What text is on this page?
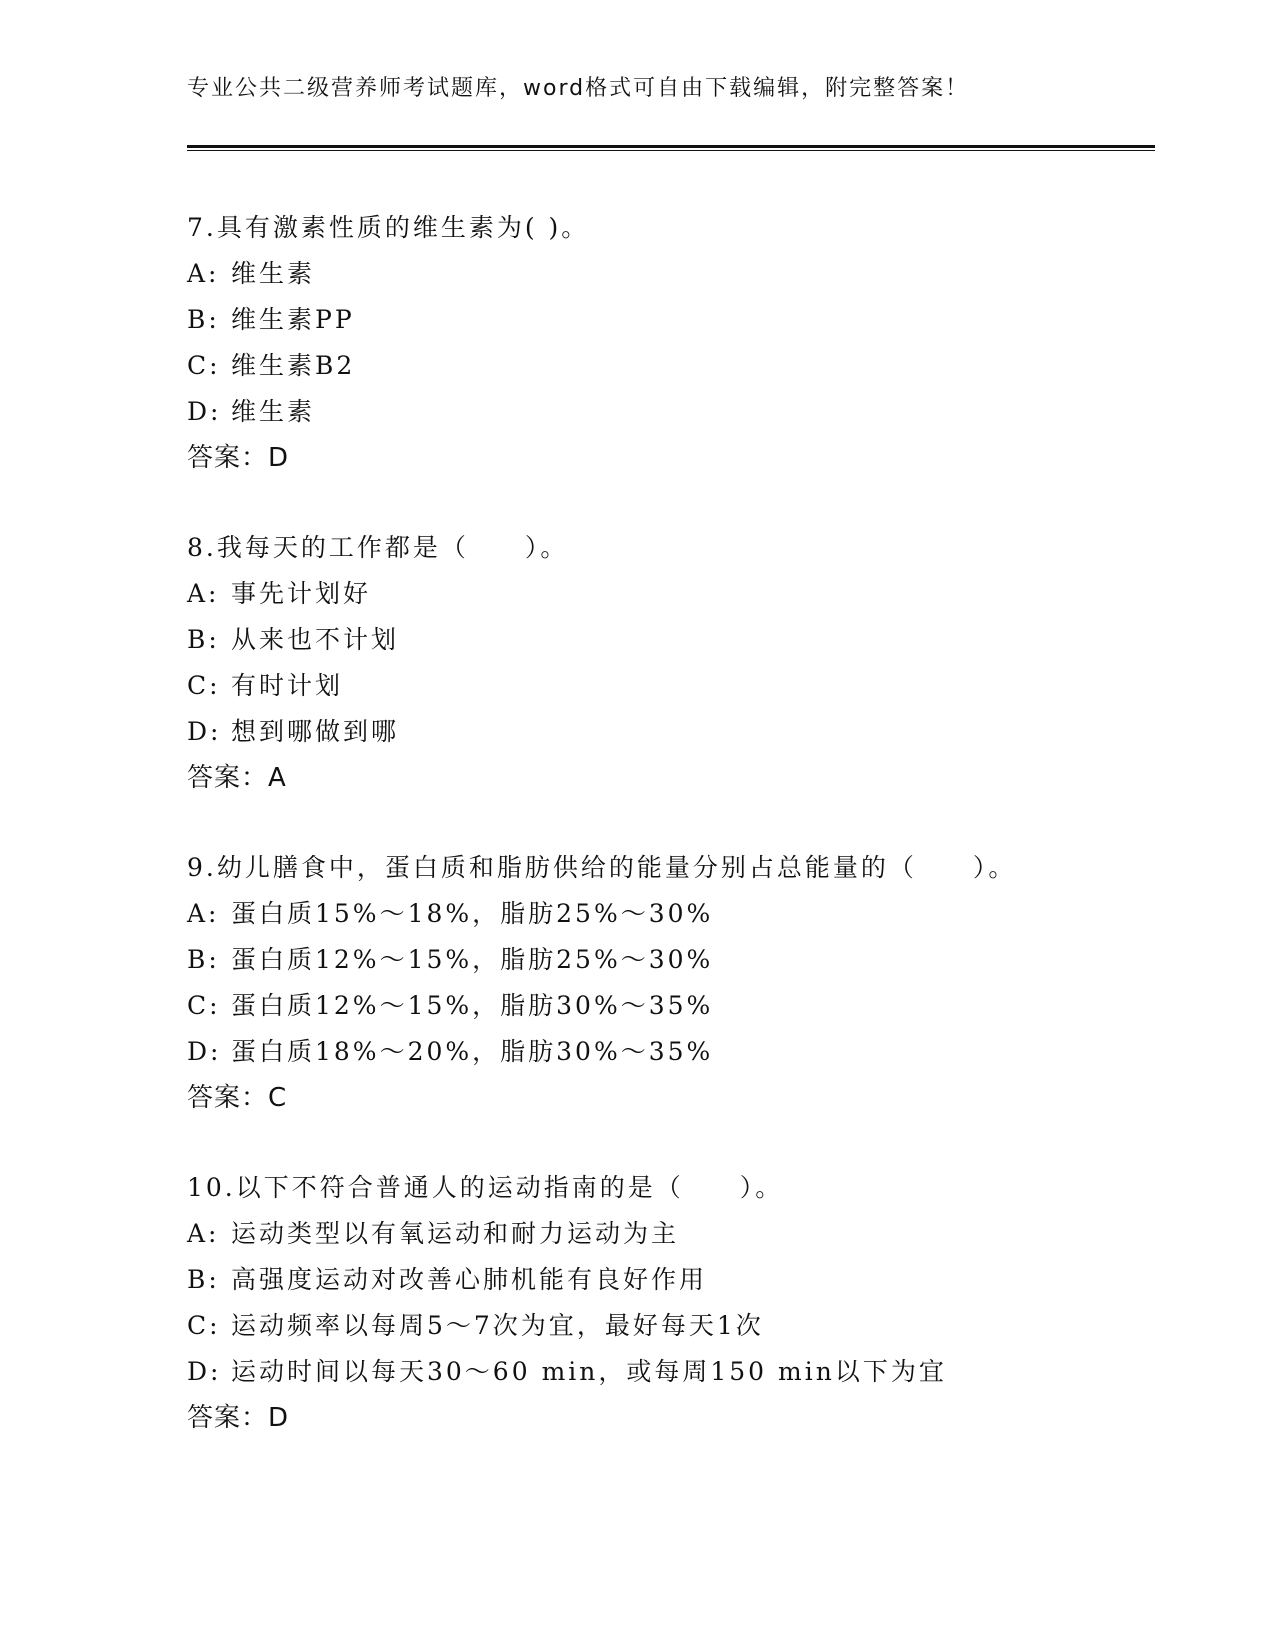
专业公共二级营养师考试题库，word格式可自由下载编辑，附完整答案！
7.具有激素性质的维生素为( )。
A: 维生素
B: 维生素PP
C: 维生素B2
D: 维生素
答案：D
8.我每天的工作都是（　　）。
A: 事先计划好
B: 从来也不计划
C: 有时计划
D: 想到哪做到哪
答案：A
9.幼儿膳食中，蛋白质和脂肪供给的能量分别占总能量的（　　）。
A: 蛋白质15%～18%，脂肪25%～30%
B: 蛋白质12%～15%，脂肪25%～30%
C: 蛋白质12%～15%，脂肪30%～35%
D: 蛋白质18%～20%，脂肪30%～35%
答案：C
10.以下不符合普通人的运动指南的是（　　）。
A: 运动类型以有氧运动和耐力运动为主
B: 高强度运动对改善心肺机能有良好作用
C: 运动频率以每周5～7次为宜，最好每天1次
D: 运动时间以每天30～60 min，或每周150 min以下为宜
答案：D
